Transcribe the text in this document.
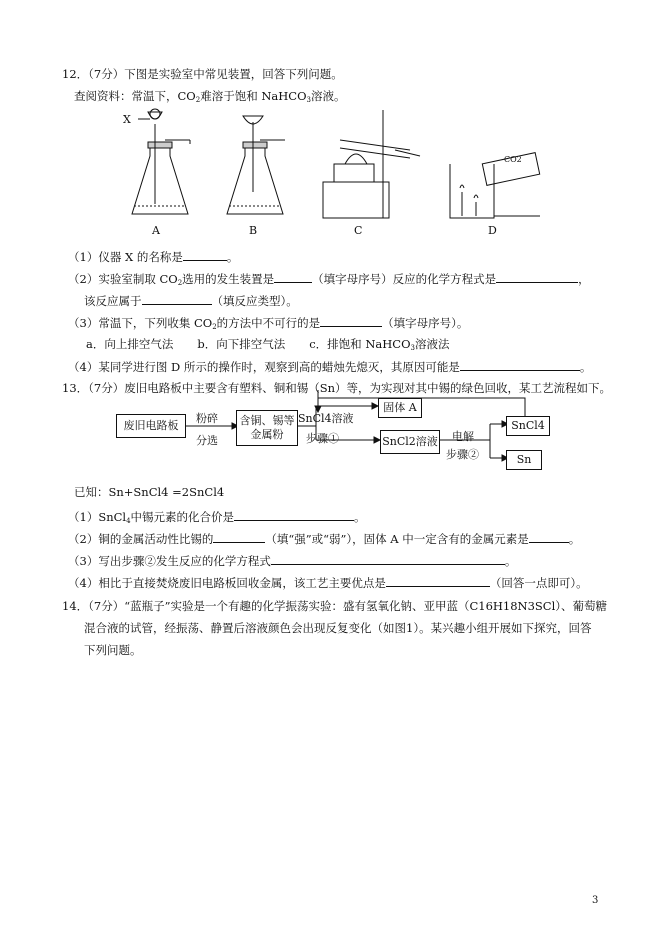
12．（7分）下图是实验室中常见装置，回答下列问题。
查阅资料：常温下，$CO_2$难溶于饱和 NaHCO$_3$溶液。
X
CO2
A	B	C	D
（1）仪器 X 的名称是	。
（2）实验室制取 $CO_2$选用的发生装置是	（填字母序号）反应的化学方程式是	，
该反应属于	（填反应类型）。
（3）常温下，下列收集 $CO_2$的方法中不可行的是	（填字母序号）。
a．向上排空气法 b．向下排空气法 c．排饱和 NaHCO$_3$溶液法
（4）某同学进行图 D 所示的操作时，观察到高的蜡烛先熄灭，其原因可能是	。
13．（7分）废旧电路板中主要含有塑料、铜和锡（Sn）等，为实现对其中锡的绿色回收，某工艺流程如下。
废旧电路板
粉碎
分选
含铜、锡等
金属粉
SnCl4溶液
步骤①
固体 A
SnCl2溶液 电解
步骤②
SnCl4
Sn
已知：Sn+SnCl4 =2SnCl4
（1）SnCl$_4$中锡元素的化合价是	。
（2）铜的金属活动性比锡的	（填“强”或“弱”），固体 A 中一定含有的金属元素是	。
（3）写出步骤②发生反应的化学方程式	。
（4）相比于直接焚烧废旧电路板回收金属，该工艺主要优点是	（回答一点即可）。
14．（7分）“蓝瓶子”实验是一个有趣的化学振荡实验：盛有氢氧化钠、亚甲蓝（C16H18N3SCl）、葡萄糖
混合液的试管，经振荡、静置后溶液颜色会出现反复变化（如图1）。某兴趣小组开展如下探究，回答
下列问题。
3
